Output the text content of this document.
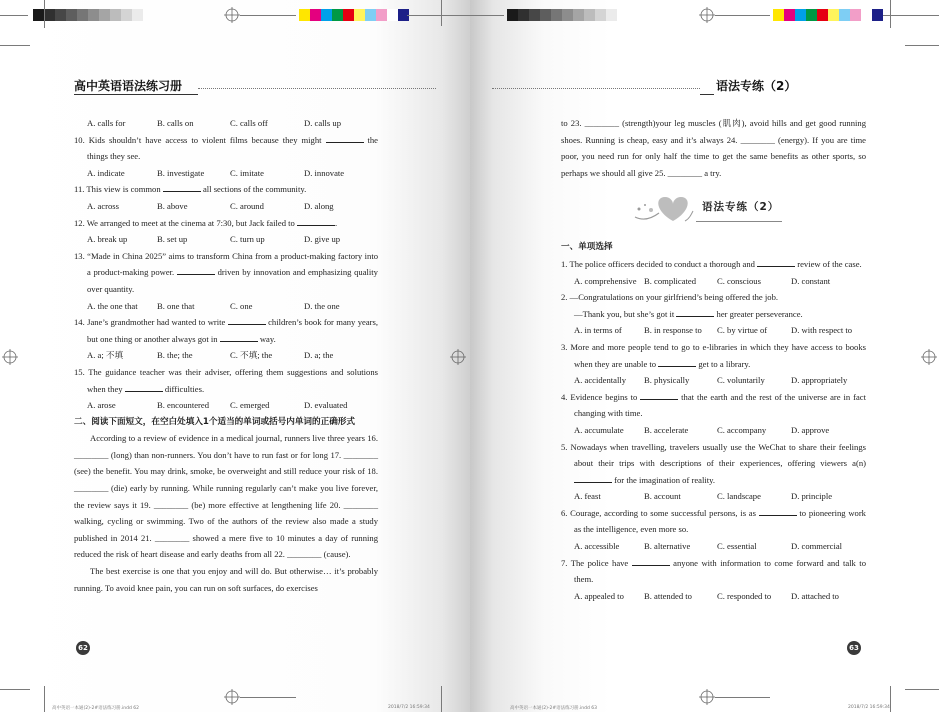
高中英语语法练习册

A. calls for	B. calls on	C. calls off	D. calls up

10. Kids shouldn’t have access to violent films because they might	the things they see.

A. indicate	B. investigate	C. imitate	D. innovate

11. This view is common	all sections of the community.

A. across	B. above	C. around	D. along

12. We arranged to meet at the cinema at 7:30, but Jack failed to	.

A. break up	B. set up	C. turn up	D. give up

13. “Made in China 2025” aims to transform China from a product-making factory into a product-making power.	driven by innovation and emphasizing quality over quantity.

A. the one that	B. one that	C. one	D. the one

14. Jane’s grandmother had wanted to write	children’s book for many years, but one thing or another always got in	way.

A. a; 不填	B. the; the	C. 不填; the	D. a; the

15. The guidance teacher was their adviser, offering them suggestions and solutions when they	difficulties.

A. arose	B. encountered	C. emerged	D. evaluated

二、阅读下面短文，在空白处填入1个适当的单词或括号内单词的正确形式

According to a review of evidence in a medical journal, runners live three years 16. ________ (long) than non-runners. You don’t have to run fast or for long 17. ________ (see) the benefit. You may drink, smoke, be overweight and still reduce your risk of 18. ________ (die) early by running. While running regularly can’t make you live forever, the review says it 19. ________ (be) more effective at lengthening life 20. ________ walking, cycling or swimming. Two of the authors of the review also made a study published in 2014 21. ________ showed a mere five to 10 minutes a day of running reduced the risk of heart disease and early deaths from all 22. ________ (cause).

The best exercise is one that you enjoy and will do. But otherwise… it’s probably running. To avoid knee pain, you can run on soft surfaces, do exercises

62
高中英语一本通(2)-2#语法练习册.indd 62	2018/7/2 16:59:34
语法专练（2）

to 23. ________ (strength)your leg muscles (肌肉), avoid hills and get good running shoes. Running is cheap, easy and it’s always 24. ________ (energy). If you are time poor, you need run for only half the time to get the same benefits as other sports, so perhaps we should all give 25. ________ a try.

语法专练（2）

一、单项选择

1. The police officers decided to conduct a thorough and	review of the case.

A. comprehensive B. complicated	C. conscious	D. constant

2. —Congratulations on your girlfriend’s being offered the job.

—Thank you, but she’s got it	her greater perseverance.

A. in terms of	B. in response to	C. by virtue of	D. with respect to

3. More and more people tend to go to e-libraries in which they have access to books when they are unable to	get to a library.

A. accidentally	B. physically	C. voluntarily	D. appropriately

4. Evidence begins to	that the earth and the rest of the universe are in fact changing with time.

A. accumulate	B. accelerate	C. accompany	D. approve

5. Nowadays when travelling, travelers usually use the WeChat to share their feelings about their trips with descriptions of their experiences, offering viewers a(n)  for the imagination of reality.

A. feast	B. account	C. landscape	D. principle

6. Courage, according to some successful persons, is as	to pioneering work as the intelligence, even more so.

A. accessible	B. alternative	C. essential	D. commercial

7. The police have	anyone with information to come forward and talk to them.

A. appealed to	B. attended to	C. responded to	D. attached to

63
高中英语一本通(2)-2#语法练习册.indd 63	2018/7/2 16:59:34
